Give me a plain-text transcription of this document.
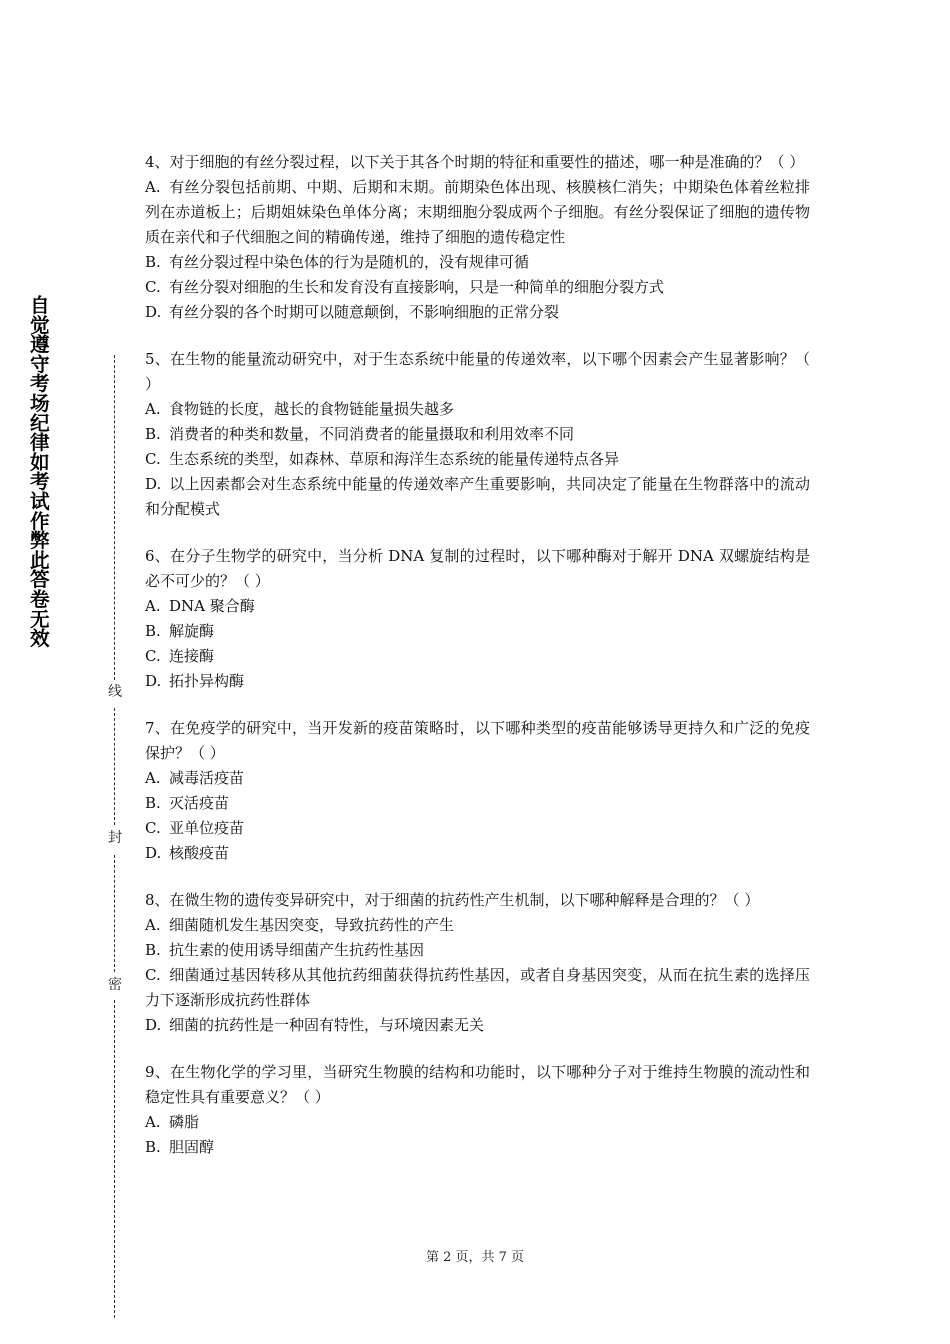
自觉遵守考场纪律如考试作弊此答卷无效
线
封
密

4、对于细胞的有丝分裂过程，以下关于其各个时期的特征和重要性的描述，哪一种是准确的？（ ）

A. 有丝分裂包括前期、中期、后期和末期。前期染色体出现、核膜核仁消失；中期染色体着丝粒排列在赤道板上；后期姐妹染色单体分离；末期细胞分裂成两个子细胞。有丝分裂保证了细胞的遗传物质在亲代和子代细胞之间的精确传递，维持了细胞的遗传稳定性

B. 有丝分裂过程中染色体的行为是随机的，没有规律可循

C. 有丝分裂对细胞的生长和发育没有直接影响，只是一种简单的细胞分裂方式

D. 有丝分裂的各个时期可以随意颠倒，不影响细胞的正常分裂

5、在生物的能量流动研究中，对于生态系统中能量的传递效率，以下哪个因素会产生显著影响？（ ）

A. 食物链的长度，越长的食物链能量损失越多

B. 消费者的种类和数量，不同消费者的能量摄取和利用效率不同

C. 生态系统的类型，如森林、草原和海洋生态系统的能量传递特点各异

D. 以上因素都会对生态系统中能量的传递效率产生重要影响，共同决定了能量在生物群落中的流动和分配模式

6、在分子生物学的研究中，当分析 DNA 复制的过程时，以下哪种酶对于解开 DNA 双螺旋结构是必不可少的？（ ）

A. DNA 聚合酶

B. 解旋酶

C. 连接酶

D. 拓扑异构酶

7、在免疫学的研究中，当开发新的疫苗策略时，以下哪种类型的疫苗能够诱导更持久和广泛的免疫保护？（ ）

A. 减毒活疫苗

B. 灭活疫苗

C. 亚单位疫苗

D. 核酸疫苗

8、在微生物的遗传变异研究中，对于细菌的抗药性产生机制，以下哪种解释是合理的？（ ）

A. 细菌随机发生基因突变，导致抗药性的产生

B. 抗生素的使用诱导细菌产生抗药性基因

C. 细菌通过基因转移从其他抗药细菌获得抗药性基因，或者自身基因突变，从而在抗生素的选择压力下逐渐形成抗药性群体

D. 细菌的抗药性是一种固有特性，与环境因素无关

9、在生物化学的学习里，当研究生物膜的结构和功能时，以下哪种分子对于维持生物膜的流动性和稳定性具有重要意义？（ ）

A. 磷脂

B. 胆固醇

第 2 页，共 7 页
